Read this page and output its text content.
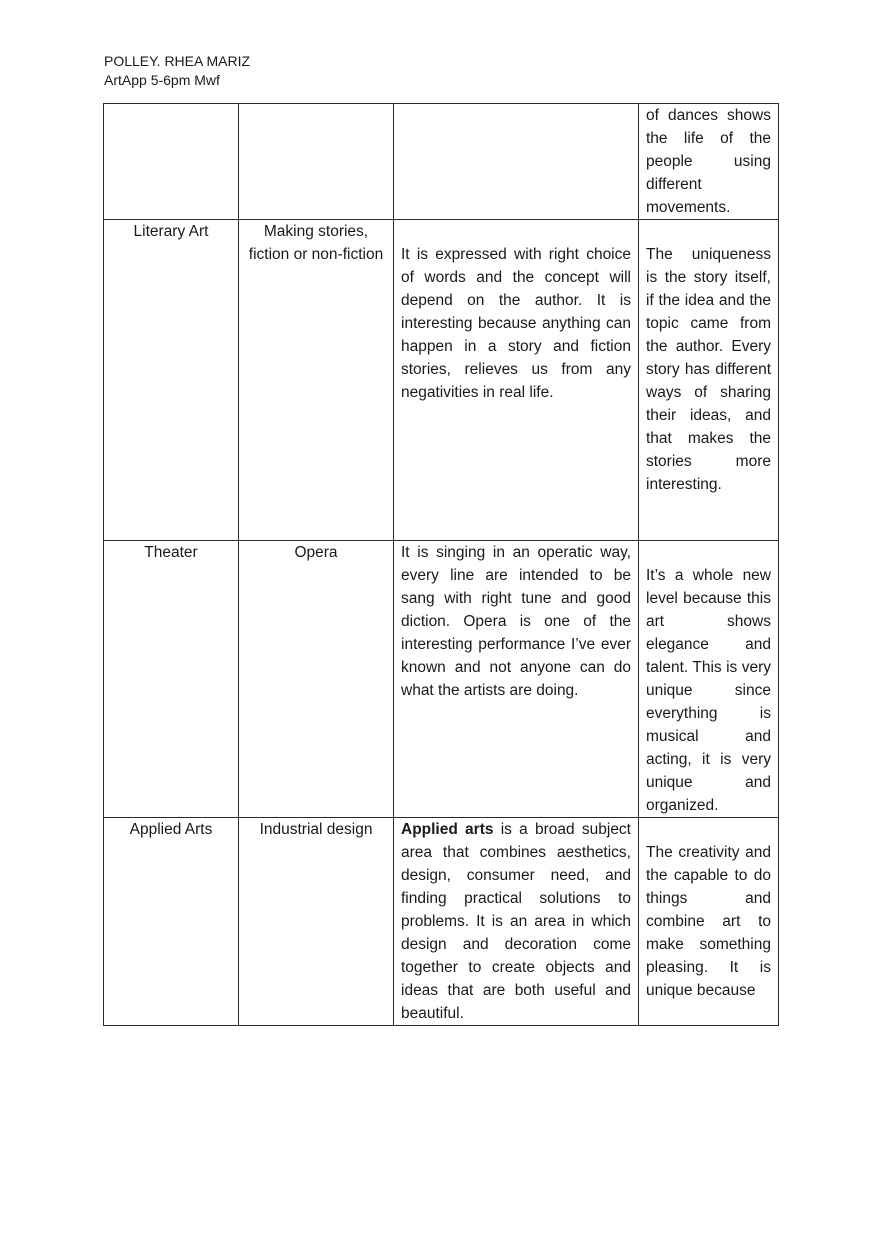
POLLEY. RHEA MARIZ
ArtApp 5-6pm Mwf
			of dances shows the life of the people using different movements.
Literary Art	Making stories, fiction or non-fiction	It is expressed with right choice of words and the concept will depend on the author. It is interesting because anything can happen in a story and fiction stories, relieves us from any negativities in real life.	The uniqueness is the story itself, if the idea and the topic came from the author. Every story has different ways of sharing their ideas, and that makes the stories more interesting.
Theater	Opera	It is singing in an operatic way, every line are intended to be sang with right tune and good diction. Opera is one of the interesting performance I’ve ever known and not anyone can do what the artists are doing.	It’s a whole new level because this art shows elegance and talent. This is very unique since everything is musical and acting, it is very unique and organized.
Applied Arts	Industrial design	Applied arts is a broad subject area that combines aesthetics, design, consumer need, and finding practical solutions to problems. It is an area in which design and decoration come together to create objects and ideas that are both useful and beautiful.	The creativity and the capable to do things and combine art to make something pleasing. It is unique because
